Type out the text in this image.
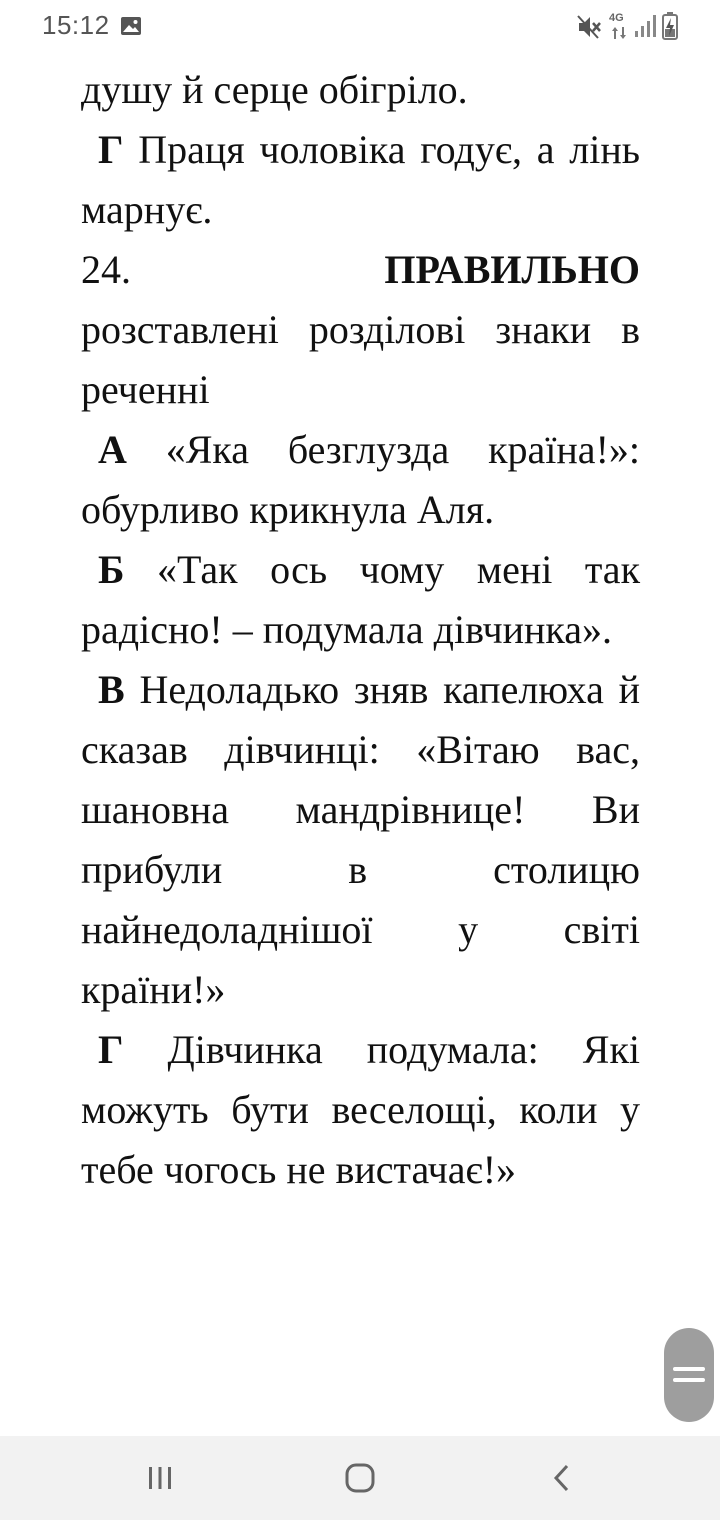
15:12	4G

душу й серце обігріло.

Г Праця чоловіка годує, а лінь марнує.

24.	ПРАВИЛЬНО

розставлені розділові знаки в реченні

А «Яка безглузда країна!»: обурливо крикнула Аля.

Б «Так ось чому мені так радісно! – подумала дівчинка».

В Недоладько зняв капелюха й сказав дівчинці: «Вітаю вас, шановна мандрівнице! Ви прибули в столицю найнедоладнішої у світі країни!»

Г Дівчинка подумала: Які можуть бути веселощі, коли у тебе чогось не вистачає!»
